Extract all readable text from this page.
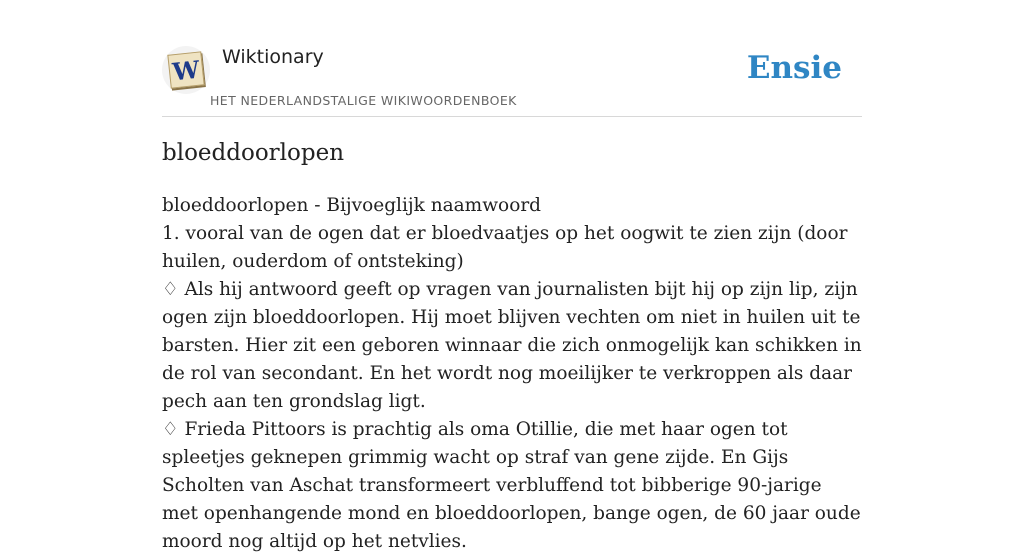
W Wiktionary
HET NEDERLANDSTALIGE WIKIWOORDENBOEK
Ensie
bloeddoorlopen

bloeddoorlopen - Bijvoeglijk naamwoord

1. vooral van de ogen dat er bloedvaatjes op het oogwit te zien zijn (door huilen, ouderdom of ontsteking)

♢ Als hij antwoord geeft op vragen van journalisten bijt hij op zijn lip, zijn ogen zijn bloeddoorlopen. Hij moet blijven vechten om niet in huilen uit te barsten. Hier zit een geboren winnaar die zich onmogelijk kan schikken in de rol van secondant. En het wordt nog moeilijker te verkroppen als daar pech aan ten grondslag ligt.

♢ Frieda Pittoors is prachtig als oma Otillie, die met haar ogen tot spleetjes geknepen grimmig wacht op straf van gene zijde. En Gijs Scholten van Aschat transformeert verbluffend tot bibberige 90-jarige met openhangende mond en bloeddoorlopen, bange ogen, de 60 jaar oude moord nog altijd op het netvlies.
